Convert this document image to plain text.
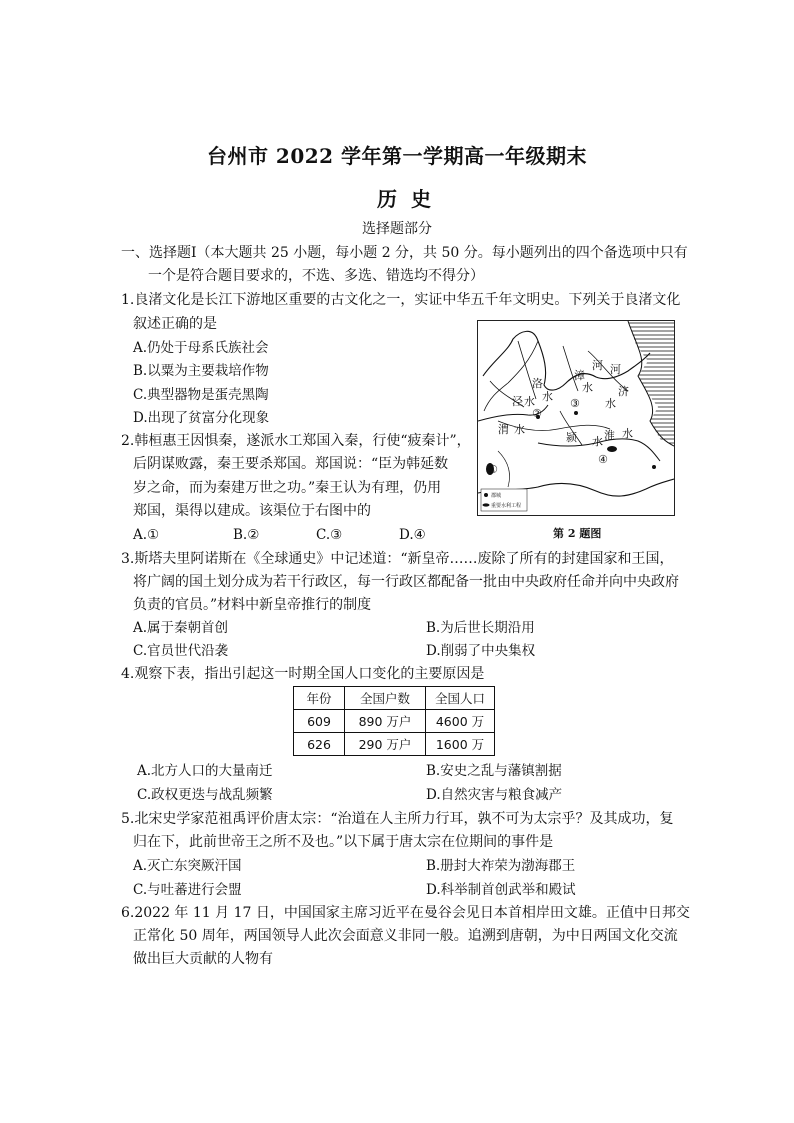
台州市 2022 学年第一学期高一年级期末
历史
选择题部分
一、选择题Ⅰ（本大题共 25 小题，每小题 2 分，共 50 分。每小题列出的四个备选项中只有
一个是符合题目要求的，不选、多选、错选均不得分）
1.良渚文化是长江下游地区重要的古文化之一，实证中华五千年文明史。下列关于良渚文化
叙述正确的是
A.仍处于母系氏族社会
B.以粟为主要栽培作物
C.典型器物是蛋壳黑陶
D.出现了贫富分化现象
2.韩桓惠王因惧秦，遂派水工郑国入秦，行使“疲秦计”，
后阴谋败露，秦王要杀郑国。郑国说：“臣为韩延数
岁之命，而为秦建万世之功。”秦王认为有理，仍用
郑国，渠得以建成。该渠位于右图中的
A.①	B.②	C.③	D.④
洛
水
河
漳
水
河
济
水
泾 水
渭 水
颍 水 淮 水
①
②
③
④
郡城
重要水利工程
第 2 题图
3.斯塔夫里阿诺斯在《全球通史》中记述道：“新皇帝……废除了所有的封建国家和王国，
将广阔的国土划分成为若干行政区，每一行政区都配备一批由中央政府任命并向中央政府
负责的官员。”材料中新皇帝推行的制度
A.属于秦朝首创	B.为后世长期沿用
C.官员世代沿袭	D.削弱了中央集权
4.观察下表，指出引起这一时期全国人口变化的主要原因是
年份	全国户数	全国人口
609	890 万户	4600 万
626	290 万户	1600 万
A.北方人口的大量南迁	B.安史之乱与藩镇割据
C.政权更迭与战乱频繁	D.自然灾害与粮食减产
5.北宋史学家范祖禹评价唐太宗：“治道在人主所力行耳，孰不可为太宗乎？及其成功，复
归在下，此前世帝王之所不及也。”以下属于唐太宗在位期间的事件是
A.灭亡东突厥汗国	B.册封大祚荣为渤海郡王
C.与吐蕃进行会盟	D.科举制首创武举和殿试
6.2022 年 11 月 17 日，中国国家主席习近平在曼谷会见日本首相岸田文雄。正值中日邦交
正常化 50 周年，两国领导人此次会面意义非同一般。追溯到唐朝，为中日两国文化交流
做出巨大贡献的人物有
